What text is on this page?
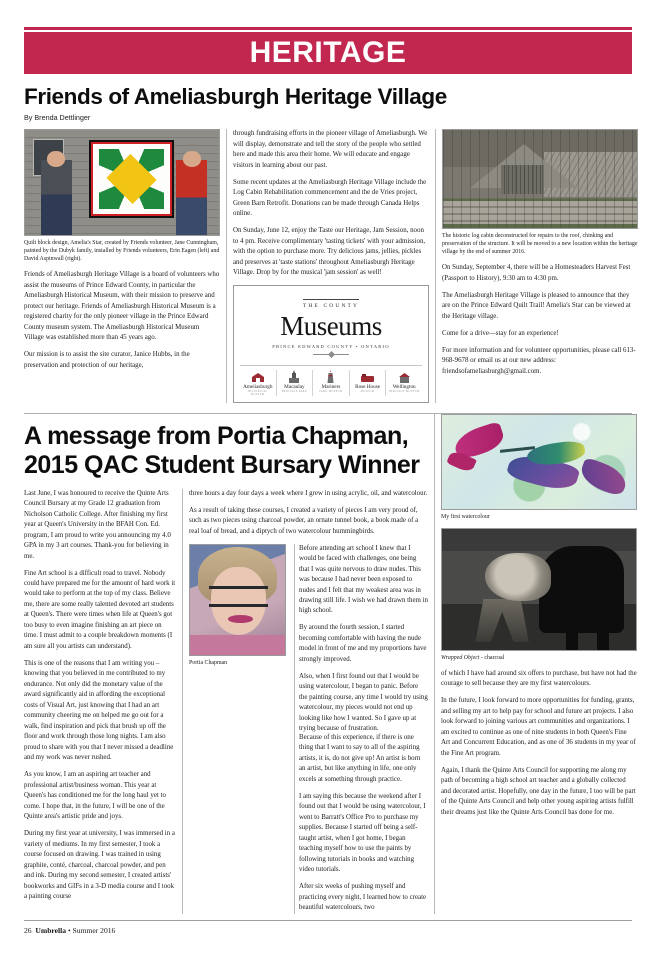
HERITAGE
Friends of Ameliasburgh Heritage Village
By Brenda Dettlinger
Quilt block design, Amelia's Star, created by Friends volunteer, Jane Cunningham, painted by the Dubyk family, installed by Friends volunteers, Erin Eagen (left) and David Aspinwall (right).

Friends of Ameliasburgh Heritage Village is a board of volunteers who assist the museums of Prince Edward County, in particular the Ameliasburgh Historical Museum, with their mission to preserve and protect our heritage. Friends of Ameliasburgh Historical Museum is a registered charity for the only pioneer village in the Prince Edward County museum system. The Ameliasburgh Historical Museum Village was established more than 45 years ago.

Our mission is to assist the site curator, Janice Hubbs, in the preservation and protection of our heritage,

through fundraising efforts in the pioneer village of Ameliasburgh. We will display, demonstrate and tell the story of the people who settled here and made this area their home. We will educate and engage visitors in learning about our past.

Some recent updates at the Ameliasburgh Heritage Village include the Log Cabin Rehabilitation commencement and the de Vries project, Green Barn Retrofit. Donations can be made through Canada Helps online.

On Sunday, June 12, enjoy the Taste our Heritage, Jam Session, noon to 4 pm. Receive complimentary 'tasting tickets' with your admission, with the option to purchase more. Try delicious jams, jellies, pickles and preserves at 'taste stations' throughout Ameliasburgh Heritage Village. Drop by for the musical 'jam session' as well!

THE COUNTY
Museums
PRINCE EDWARD COUNTY • ONTARIO
Ameliasburgh
HISTORICAL MUSEUM
Macaulay
HERITAGE PARK
Mariners
PARK MUSEUM
Rose House
MUSEUM
Wellington
HERITAGE MUSEUM
The historic log cabin deconstructed for repairs to the roof, chinking and preservation of the structure. It will be moved to a new location within the heritage village by the end of summer 2016.

On Sunday, September 4, there will be a Homesteaders Harvest Fest (Passport to History), 9:30 am to 4:30 pm.

The Ameliasburgh Heritage Village is pleased to announce that they are on the Prince Edward Quilt Trail! Amelia's Star can be viewed at the Heritage village.

Come for a drive—stay for an experience!

For more information and for volunteer opportunities, please call 613-968-9678 or email us at our new address: friendsofameliasburgh@gmail.com.

A message from Portia Chapman,
2015 QAC Student Bursary Winner

Last June, I was honoured to receive the Quinte Arts Council Bursary at my Grade 12 graduation from Nicholson Catholic College. After finishing my first year at Queen's University in the BFAH Con. Ed. program, I am proud to write you announcing my 4.0 GPA in my 3 art courses. Thank-you for believing in me.

Fine Art school is a difficult road to travel. Nobody could have prepared me for the amount of hard work it would take to perform at the top of my class. Believe me, there are some really talented devoted art students at Queen's. There were times when life at Queen's got too busy to even imagine finishing an art piece on time. I must admit to a couple breakdown moments (I am sure all you artists can understand).

This is one of the reasons that I am writing you – knowing that you believed in me contributed to my endurance. Not only did the monetary value of the award significantly aid in affording the exceptional costs of Visual Art, just knowing that I had an art community cheering me on helped me go out for a walk, find inspiration and pick that brush up off the floor and work through those long nights. I am also proud to share with you that I never missed a deadline and my work was never rushed.

As you know, I am an aspiring art teacher and professional artist/business woman. This year at Queen's has conditioned me for the long haul yet to come. I hope that, in the future, I will be one of the Quinte area's artistic pride and joys.

During my first year at university, I was immersed in a variety of mediums. In my first semester, I took a course focused on drawing. I was trained in using graphite, conté, charcoal, charcoal powder, and pen and ink. During my second semester, I created artists' bookworks and GIFs in a 3-D media course and I took a painting course

three hours a day four days a week where I grew in using acrylic, oil, and watercolour.

As a result of taking these courses, I created a variety of pieces I am very proud of, such as two pieces using charcoal powder, an ornate tunnel book, a book made of a real loaf of bread, and a diptych of two watercolour hummingbirds.

Portia Chapman

Before attending art school I knew that I would be faced with challenges, one being that I was quite nervous to draw nudes. This was because I had never been exposed to nudes and I felt that my weakest area was in drawing still life. I wish we had drawn them in high school.

By around the fourth session, I started becoming comfortable with having the nude model in front of me and my proportions have strongly improved.

Also, when I first found out that I would be using watercolour, I began to panic. Before the painting course, any time I would try using watercolour, my pieces would not end up looking like how I wanted. So I gave up at trying because of frustration.

Because of this experience, if there is one thing that I want to say to all of the aspiring artists, it is, do not give up! An artist is born an artist, but like anything in life, one only excels at something through practice.

I am saying this because the weekend after I found out that I would be using watercolour, I went to Barratt's Office Pro to purchase my supplies. Because I started off being a self-taught artist, when I got home, I began teaching myself how to use the paints by following tutorials in books and watching video tutorials.

After six weeks of pushing myself and practicing every night, I learned how to create beautiful watercolours, two

My first watercolour
Wrapped Object - charcoal

of which I have had around six offers to purchase, but have not had the courage to sell because they are my first watercolours.

In the future, I look forward to more opportunities for funding, grants, and selling my art to help pay for school and future art projects. I also look forward to joining various art communities and organizations. I am excited to continue as one of nine students in both Queen's Fine Art and Concurrent Education, and as one of 36 students in my year of the Fine Art program.

Again, I thank the Quinte Arts Council for supporting me along my path of becoming a high school art teacher and a globally collected and decorated artist. Hopefully, one day in the future, I too will be part of the Quinte Arts Council and help other young aspiring artists fulfill their dreams just like the Quinte Arts Council has done for me.

26 Umbrella • Summer 2016
